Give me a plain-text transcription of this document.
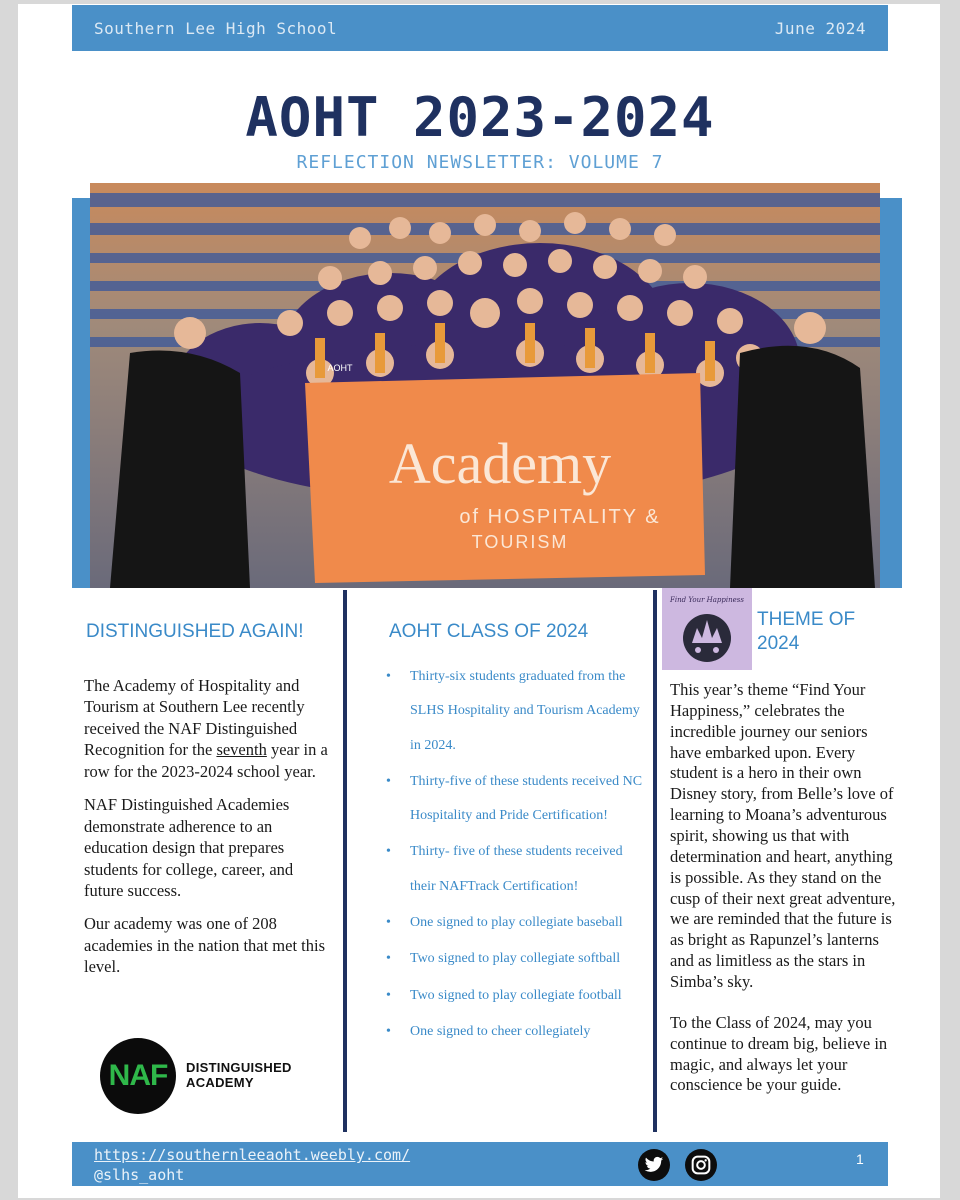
Southern Lee High School	June 2024
AOHT 2023-2024
REFLECTION NEWSLETTER: VOLUME 7
Academy
of HOSPITALITY &
TOURISM
AOHT
DISTINGUISHED AGAIN!

The Academy of Hospitality and Tourism at Southern Lee recently received the NAF Distinguished Recognition for the seventh year in a row for the 2023-2024 school year.

NAF Distinguished Academies demonstrate adherence to an education design that prepares students for college, career, and future success.

Our academy was one of 208 academies in the nation that met this level.

NAF	DISTINGUISHED
ACADEMY
AOHT CLASS OF 2024
• Thirty-six students graduated from the SLHS Hospitality and Tourism Academy in 2024.
• Thirty-five of these students received NC Hospitality and Pride Certification!
• Thirty- five of these students received their NAFTrack Certification!
• One signed to play collegiate baseball
• Two signed to play collegiate softball
• Two signed to play collegiate football
• One signed to cheer collegiately
Find Your Happiness
THEME OF
2024

This year’s theme “Find Your Happiness,” celebrates the incredible journey our seniors have embarked upon. Every student is a hero in their own Disney story, from Belle’s love of learning to Moana’s adventurous spirit, showing us that with determination and heart, anything is possible. As they stand on the cusp of their next great adventure, we are reminded that the future is as bright as Rapunzel’s lanterns and as limitless as the stars in Simba’s sky.

To the Class of 2024, may you continue to dream big, believe in magic, and always let your conscience be your guide.

https://southernleeaoht.weebly.com/
@slhs_aoht
1
